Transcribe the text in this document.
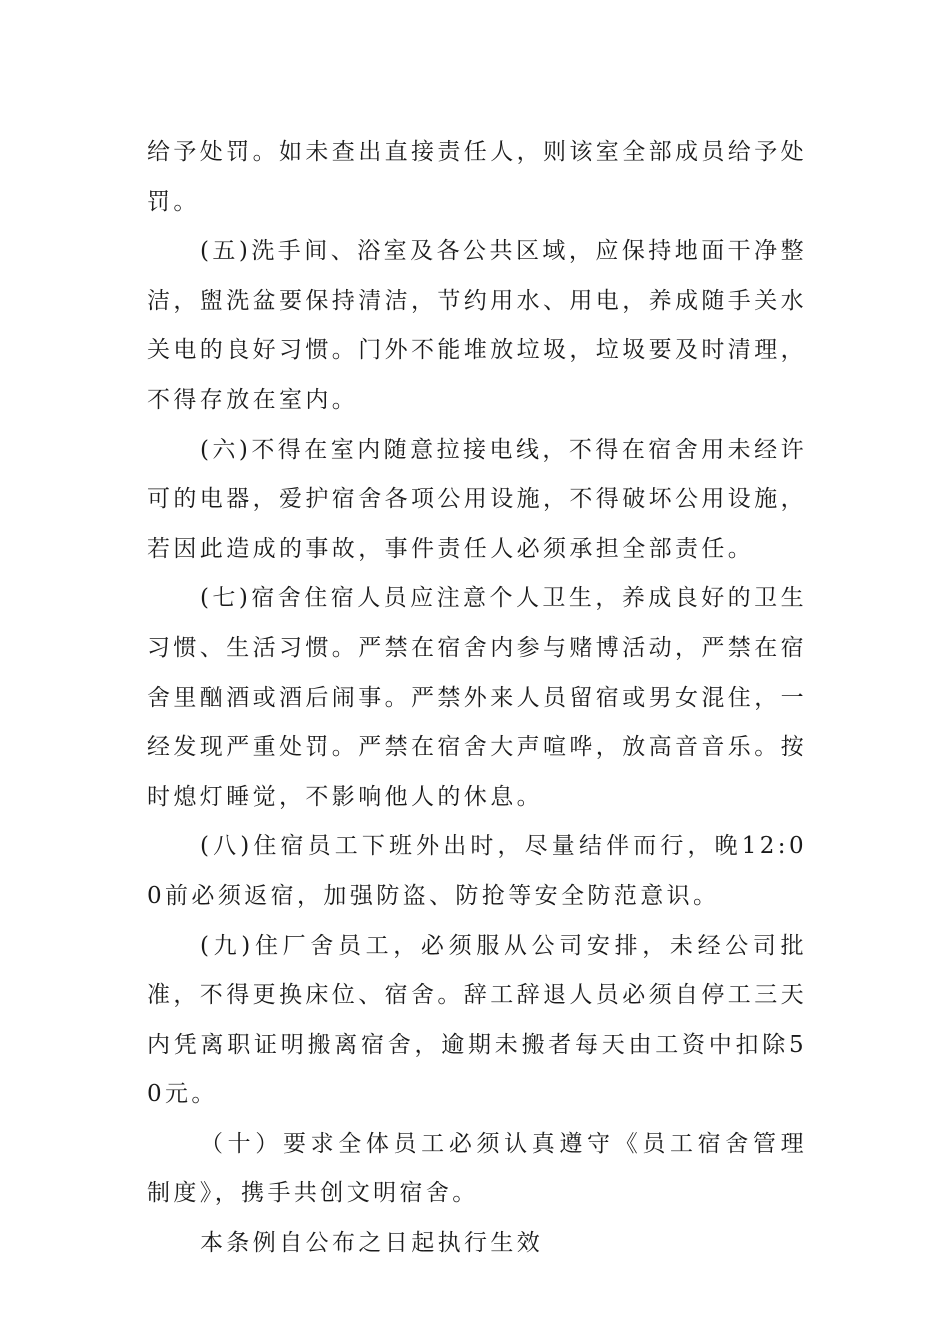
给予处罚。如未查出直接责任人，则该室全部成员给予处罚。

(五)洗手间、浴室及各公共区域，应保持地面干净整洁，盥洗盆要保持清洁，节约用水、用电，养成随手关水关电的良好习惯。门外不能堆放垃圾，垃圾要及时清理，不得存放在室内。

(六)不得在室内随意拉接电线，不得在宿舍用未经许可的电器，爱护宿舍各项公用设施，不得破坏公用设施，若因此造成的事故，事件责任人必须承担全部责任。

(七)宿舍住宿人员应注意个人卫生，养成良好的卫生习惯、生活习惯。严禁在宿舍内参与赌博活动，严禁在宿舍里酗酒或酒后闹事。严禁外来人员留宿或男女混住，一经发现严重处罚。严禁在宿舍大声喧哗，放高音音乐。按时熄灯睡觉，不影响他人的休息。

(八)住宿员工下班外出时，尽量结伴而行，晚12:00前必须返宿，加强防盗、防抢等安全防范意识。

(九)住厂舍员工，必须服从公司安排，未经公司批准，不得更换床位、宿舍。辞工辞退人员必须自停工三天内凭离职证明搬离宿舍，逾期未搬者每天由工资中扣除50元。

（十）要求全体员工必须认真遵守《员工宿舍管理制度》，携手共创文明宿舍。

本条例自公布之日起执行生效
